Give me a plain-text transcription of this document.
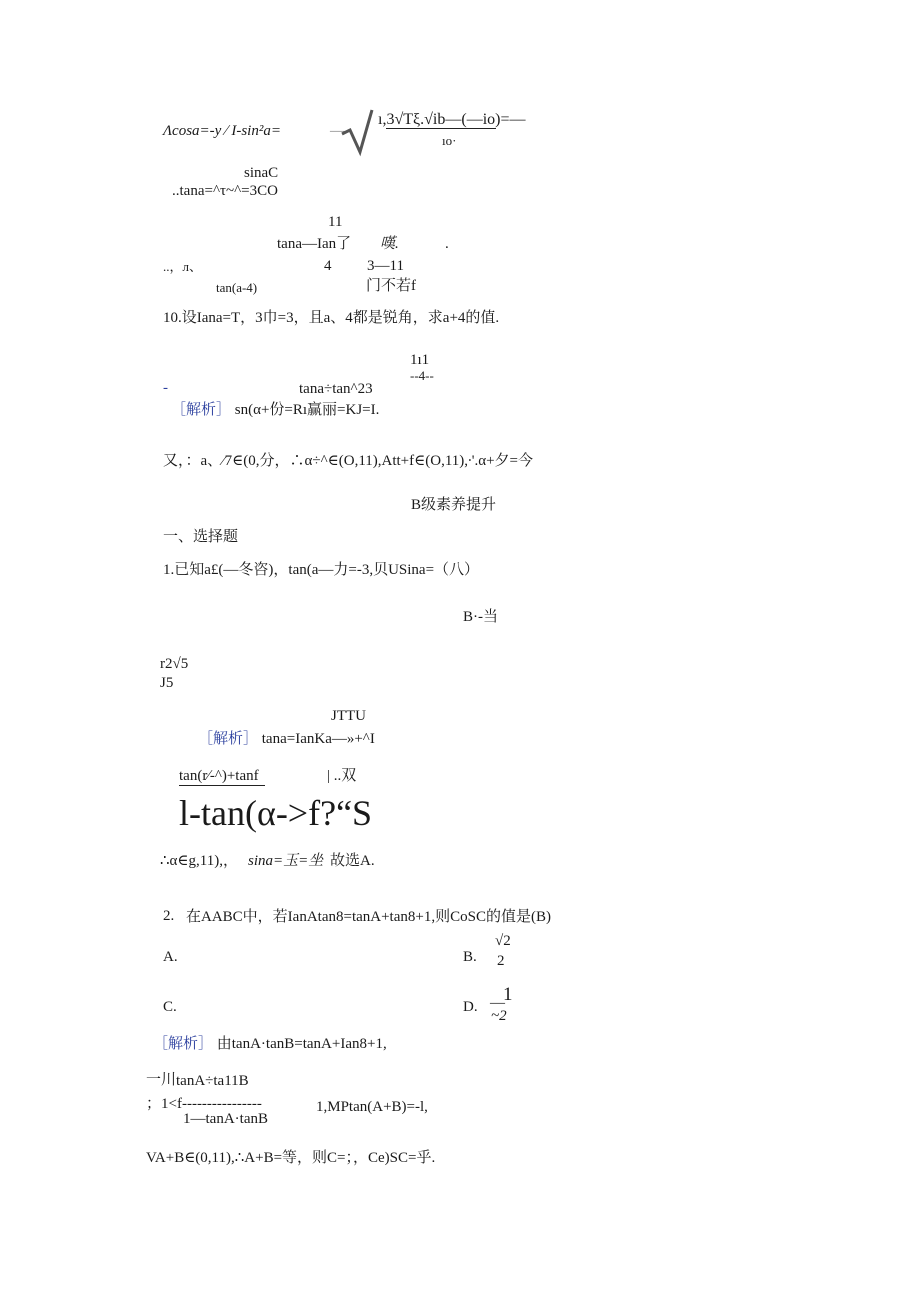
Λcosa=-y ∕ I-sin²a=	—
ı,3√Tξ.√ib—(—io)=—
ıo·
sinaC
..tana=^τ~^=3CO
11
tana—Ian了 嘆.	.
..，л、	4 3—11
tan(a-4)	门不若f
10.设Iana=T，3巾=3，且a、4都是锐角，求a+4的值.
1ı1
--4--
-	tana÷tan^23
［解析］ sn(α+份=Rı赢丽=KJ=I.
又，：a、⁄7∈(0,分，∴α÷^∈(O,11),Att+f∈(O,11),∙'.α+夕=今
B级素养提升
一、选择题
1.已知a£(—冬咨)，tan(a—力=-3,贝USina=（八）
B·-当
r2√5
J5
JTTU
［解析］ tana=IanKa—»+^I
tan(r∕-^)+tanf	| ..双
l-tan(α->f?“S
∴α∈g,11),， sina=玉=坐 故选A.
2. 在AABC中，若IanAtan8=tanA+tan8+1,则CoSC的值是(B)
A.	B.
√2
2
C.	D. —
1
~2
［解析］ 由tanA·tanB=tanA+Ian8+1,
一川 tanA÷ta11B
；1<f----------------
1—tanA·tanB
1,MPtan(A+B)=-l,
VA+B∈(0,11),∴A+B=等，则C=；，Ce)SC=乎.
